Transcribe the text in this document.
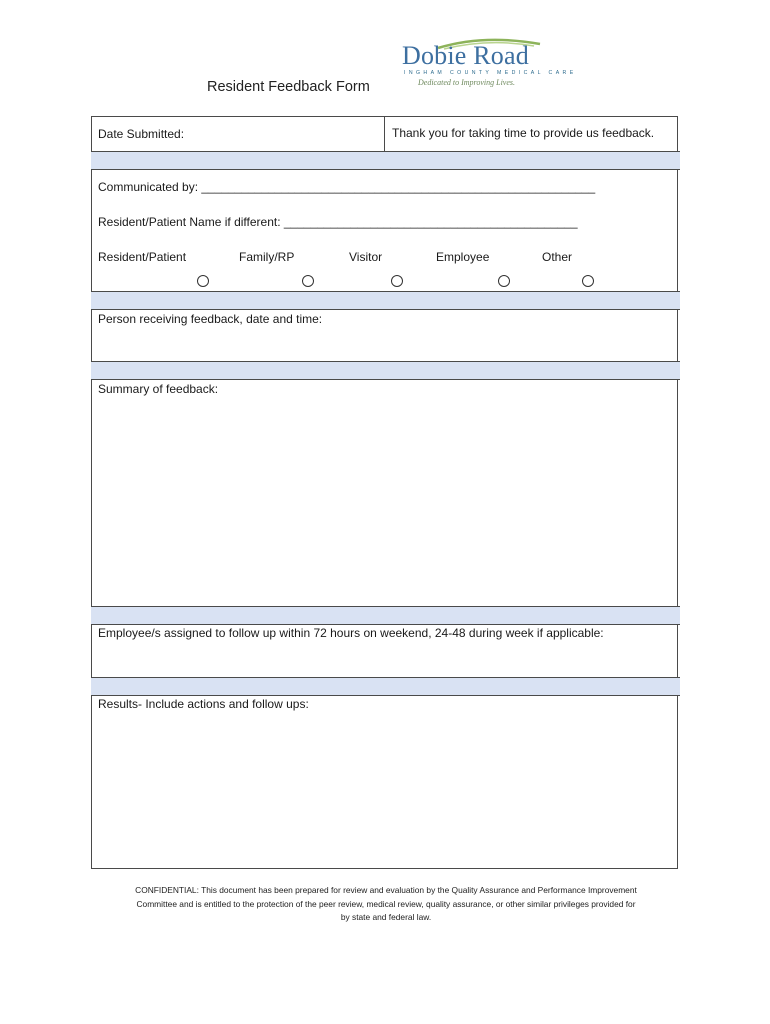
Resident Feedback Form
Dobie Road
INGHAM COUNTY MEDICAL CARE
Dedicated to Improving Lives.
Date Submitted:	Thank you for taking time to provide us feedback.
Communicated by: ___________________________________________________________
Resident/Patient Name if different: ____________________________________________
Resident/Patient	Family/RP	Visitor	Employee	Other
Person receiving feedback, date and time:
Summary of feedback:
Employee/s assigned to follow up within 72 hours on weekend, 24-48 during week if applicable:
Results- Include actions and follow ups:
CONFIDENTIAL: This document has been prepared for review and evaluation by the Quality Assurance and Performance Improvement
Committee and is entitled to the protection of the peer review, medical review, quality assurance, or other similar privileges provided for
by state and federal law.
